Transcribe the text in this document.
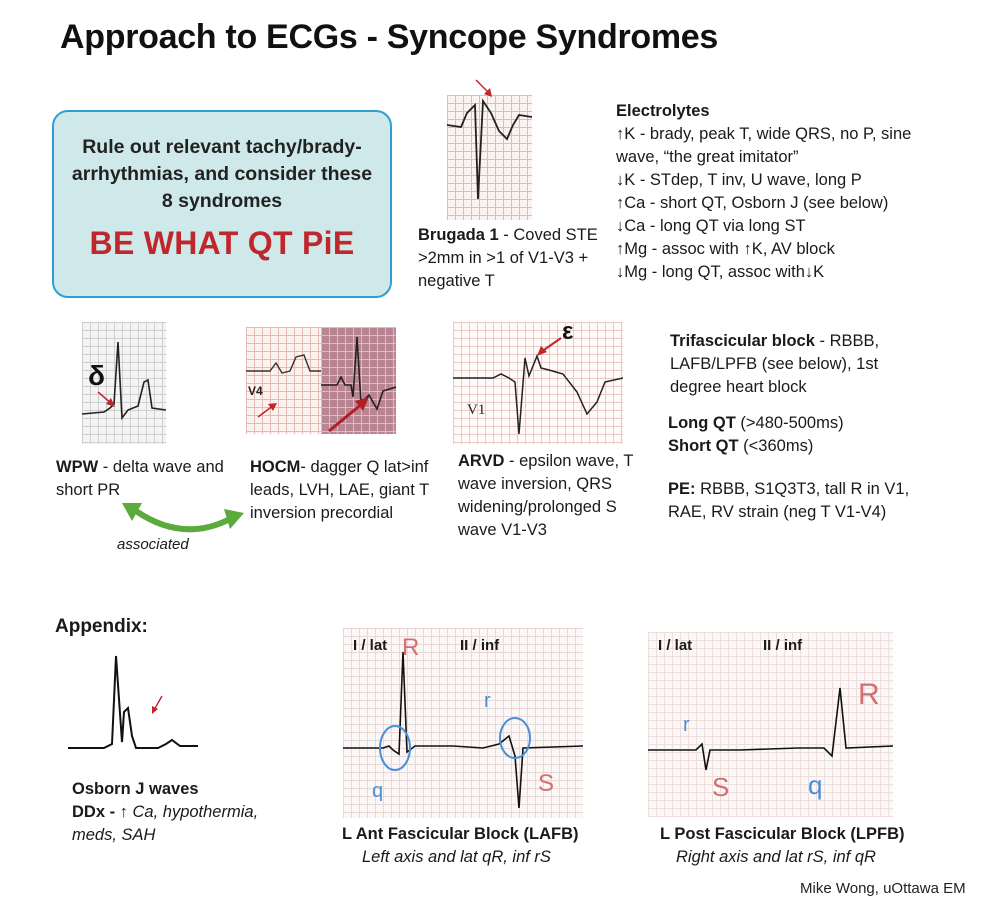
Approach to ECGs - Syncope Syndromes
Rule out relevant tachy/brady-arrhythmias, and consider these 8 syndromes
BE WHAT QT PiE	Brugada 1 - Coved STE >2mm in >1 of V1-V3 + negative T
Electrolytes
↑K - brady, peak T, wide QRS, no P, sine wave, “the great imitator”
↓K - STdep, T inv, U wave, long P
↑Ca - short QT, Osborn J (see below)
↓Ca - long QT via long ST
↑Mg - assoc with ↑K, AV block
↓Mg - long QT, assoc with↓K
δ
WPW - delta wave and short PR
associated
V4
HOCM- dagger Q lat>inf leads, LVH, LAE, giant T inversion precordial
ε
V1
ARVD - epsilon wave, T wave inversion, QRS widening/prolonged S wave V1-V3
Trifascicular block - RBBB, LAFB/LPFB (see below), 1st degree heart block
Long QT (>480-500ms)
Short QT (<360ms)
PE: RBBB, S1Q3T3, tall R in V1, RAE, RV strain (neg T V1-V4)
Appendix:
Osborn J waves
DDx - ↑ Ca, hypothermia, meds, SAH
I / lat	II / inf
R
q
r
S
L Ant Fascicular Block (LAFB)
Left axis and lat qR, inf rS
I / lat	II / inf
r
S
R
q
L Post Fascicular Block (LPFB)
Right axis and lat rS, inf qR
Mike Wong, uOttawa EM
